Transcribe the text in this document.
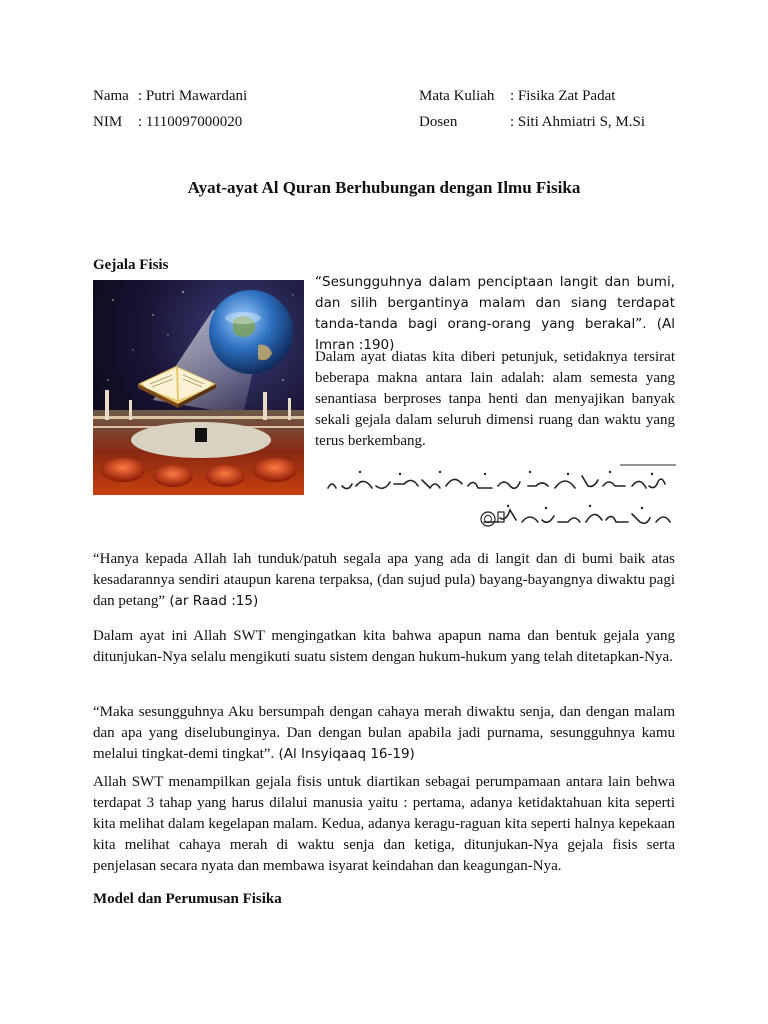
Nama : Putri Mawardani
NIM : 1110097000020
Mata Kuliah : Fisika Zat Padat
Dosen	: Siti Ahmiatri S, M.Si
Ayat-ayat Al Quran Berhubungan dengan Ilmu Fisika
Gejala Fisis
“Sesungguhnya dalam penciptaan langit dan bumi, dan silih bergantinya malam dan siang terdapat tanda-tanda bagi orang-orang yang berakal”. (Al Imran :190)
Dalam ayat diatas kita diberi petunjuk, setidaknya tersirat beberapa makna antara lain adalah: alam semesta yang senantiasa berproses tanpa henti dan menyajikan banyak sekali gejala dalam seluruh dimensi ruang dan waktu yang terus berkembang.
“Hanya kepada Allah lah tunduk/patuh segala apa yang ada di langit dan di bumi baik atas kesadarannya sendiri ataupun karena terpaksa, (dan sujud pula) bayang-bayangnya diwaktu pagi dan petang” (ar Raad :15)
Dalam ayat ini Allah SWT mengingatkan kita bahwa apapun nama dan bentuk gejala yang ditunjukan-Nya selalu mengikuti suatu sistem dengan hukum-hukum yang telah ditetapkan-Nya.
“Maka sesungguhnya Aku bersumpah dengan cahaya merah diwaktu senja, dan dengan malam dan apa yang diselubunginya. Dan dengan bulan apabila jadi purnama, sesungguhnya kamu melalui tingkat-demi tingkat”. (Al Insyiqaaq 16-19)
Allah SWT menampilkan gejala fisis untuk diartikan sebagai perumpamaan antara lain behwa terdapat 3 tahap yang harus dilalui manusia yaitu : pertama, adanya ketidaktahuan kita seperti kita melihat dalam kegelapan malam. Kedua, adanya keragu-raguan kita seperti halnya kepekaan kita melihat cahaya merah di waktu senja dan ketiga, ditunjukan-Nya gejala fisis serta penjelasan secara nyata dan membawa isyarat keindahan dan keagungan-Nya.
Model dan Perumusan Fisika
